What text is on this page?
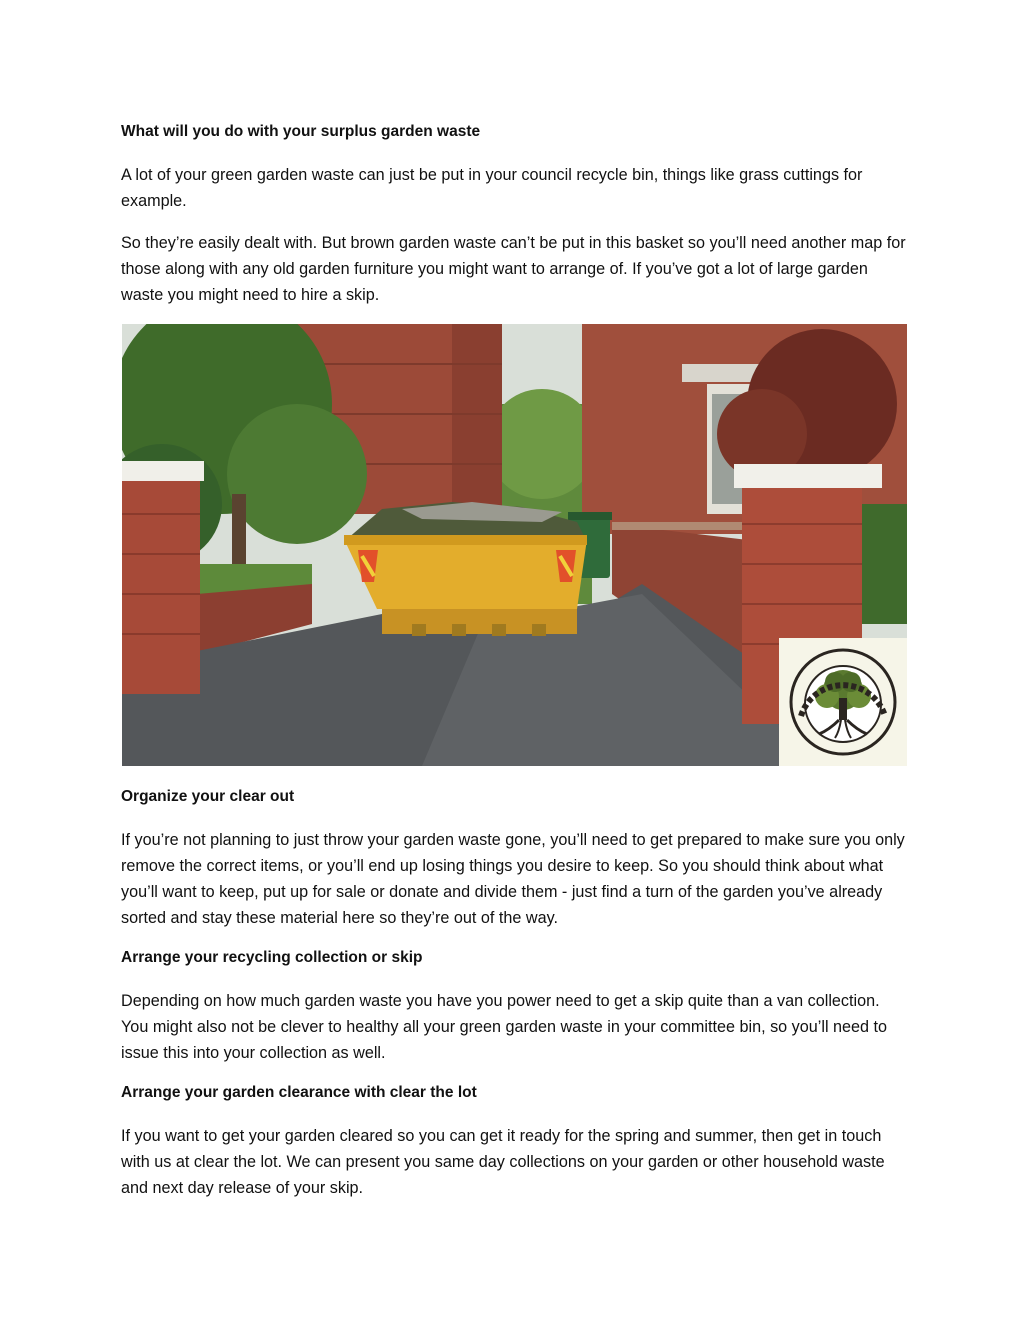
What will you do with your surplus garden waste

A lot of your green garden waste can just be put in your council recycle bin, things like grass cuttings for example.

So they’re easily dealt with. But brown garden waste can’t be put in this basket so you’ll need another map for those along with any old garden furniture you might want to arrange of. If you’ve got a lot of large garden waste you might need to hire a skip.

Organize your clear out

If you’re not planning to just throw your garden waste gone, you’ll need to get prepared to make sure you only remove the correct items, or you’ll end up losing things you desire to keep. So you should think about what you’ll want to keep, put up for sale or donate and divide them - just find a turn of the garden you’ve already sorted and stay these material here so they’re out of the way.

Arrange your recycling collection or skip

Depending on how much garden waste you have you power need to get a skip quite than a van collection. You might also not be clever to healthy all your green garden waste in your committee bin, so you’ll need to issue this into your collection as well.

Arrange your garden clearance with clear the lot

If you want to get your garden cleared so you can get it ready for the spring and summer, then get in touch with us at clear the lot. We can present you same day collections on your garden or other household waste and next day release of your skip.
